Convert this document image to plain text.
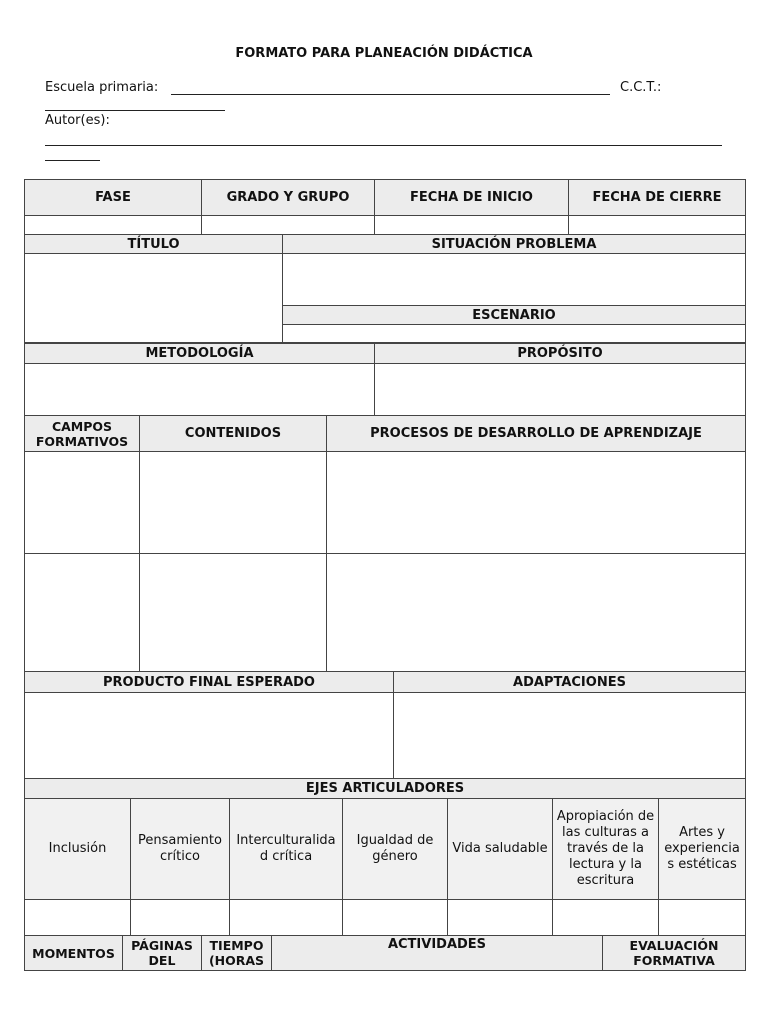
FORMATO PARA PLANEACIÓN DIDÁCTICA
Escuela primaria:	C.C.T.:
Autor(es):
FASE	GRADO Y GRUPO	FECHA DE INICIO	FECHA DE CIERRE

TÍTULO	SITUACIÓN PROBLEMA

	ESCENARIO

METODOLOGÍA	PROPÓSITO

CAMPOS FORMATIVOS	CONTENIDOS	PROCESOS DE DESARROLLO DE APRENDIZAJE

PRODUCTO FINAL ESPERADO	ADAPTACIONES

EJES ARTICULADORES						
Inclusión	Pensamiento crítico	Interculturalida d crítica	Igualdad de género	Vida saludable	Apropiación de las culturas a través de la lectura y la escritura	Artes y experiencia s estéticas

MOMENTOS	PÁGINAS DEL	TIEMPO (HORAS	ACTIVIDADES	EVALUACIÓN FORMATIVA
